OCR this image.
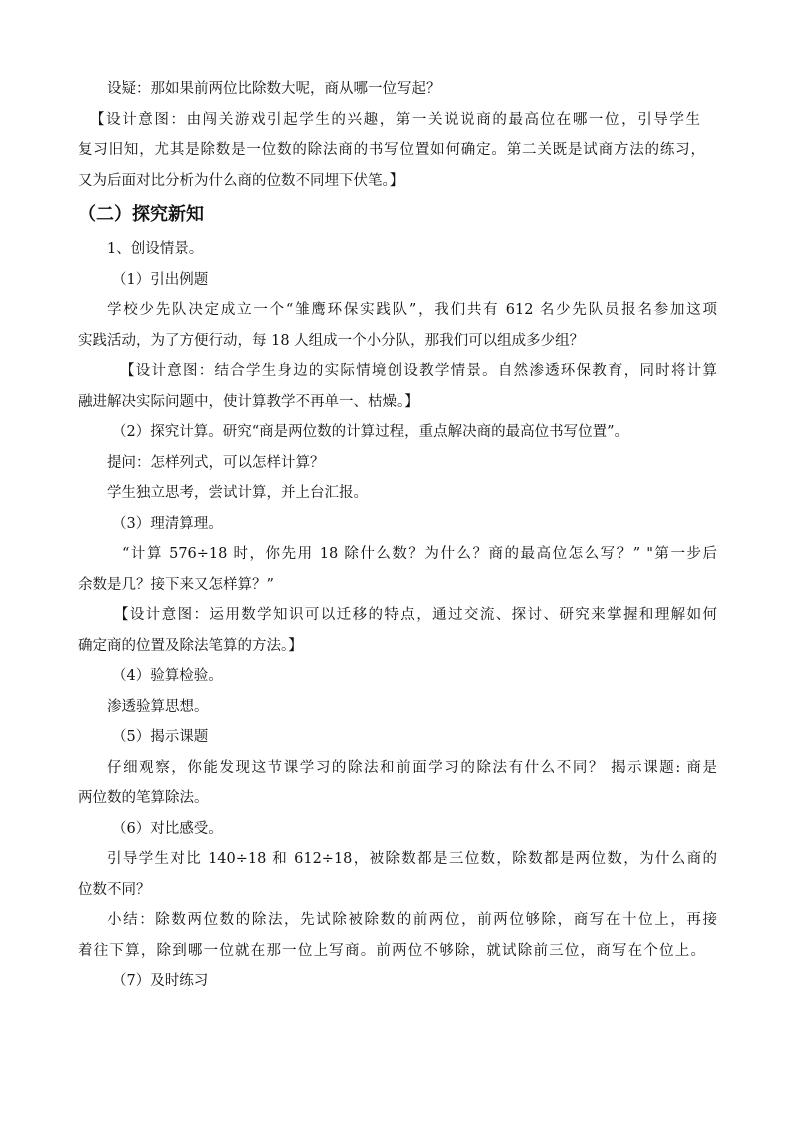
设疑：那如果前两位比除数大呢，商从哪一位写起？
【设计意图：由闯关游戏引起学生的兴趣，第一关说说商的最高位在哪一位，引导学生
复习旧知，尤其是除数是一位数的除法商的书写位置如何确定。第二关既是试商方法的练习，
又为后面对比分析为什么商的位数不同埋下伏笔。】
（二）探究新知
1、创设情景。
（1）引出例题
学校少先队决定成立一个“雏鹰环保实践队”，我们共有 612 名少先队员报名参加这项
实践活动，为了方便行动，每 18 人组成一个小分队，那我们可以组成多少组？
【设计意图：结合学生身边的实际情境创设教学情景。自然渗透环保教育，同时将计算
融进解决实际问题中，使计算教学不再单一、枯燥。】
（2）探究计算。研究“商是两位数的计算过程，重点解决商的最高位书写位置”。
提问：怎样列式，可以怎样计算？
学生独立思考，尝试计算，并上台汇报。
（3）理清算理。
“计算 576÷18 时，你先用 18 除什么数？为什么？商的最高位怎么写？” "第一步后
余数是几？接下来又怎样算？”
【设计意图：运用数学知识可以迁移的特点，通过交流、探讨、研究来掌握和理解如何
确定商的位置及除法笔算的方法。】
（4）验算检验。
渗透验算思想。
（5）揭示课题
仔细观察，你能发现这节课学习的除法和前面学习的除法有什么不同？ 揭示课题: 商是
两位数的笔算除法。
（6）对比感受。
引导学生对比 140÷18 和 612÷18，被除数都是三位数，除数都是两位数，为什么商的
位数不同？
小结：除数两位数的除法，先试除被除数的前两位，前两位够除，商写在十位上，再接
着往下算，除到哪一位就在那一位上写商。前两位不够除，就试除前三位，商写在个位上。
（7）及时练习
